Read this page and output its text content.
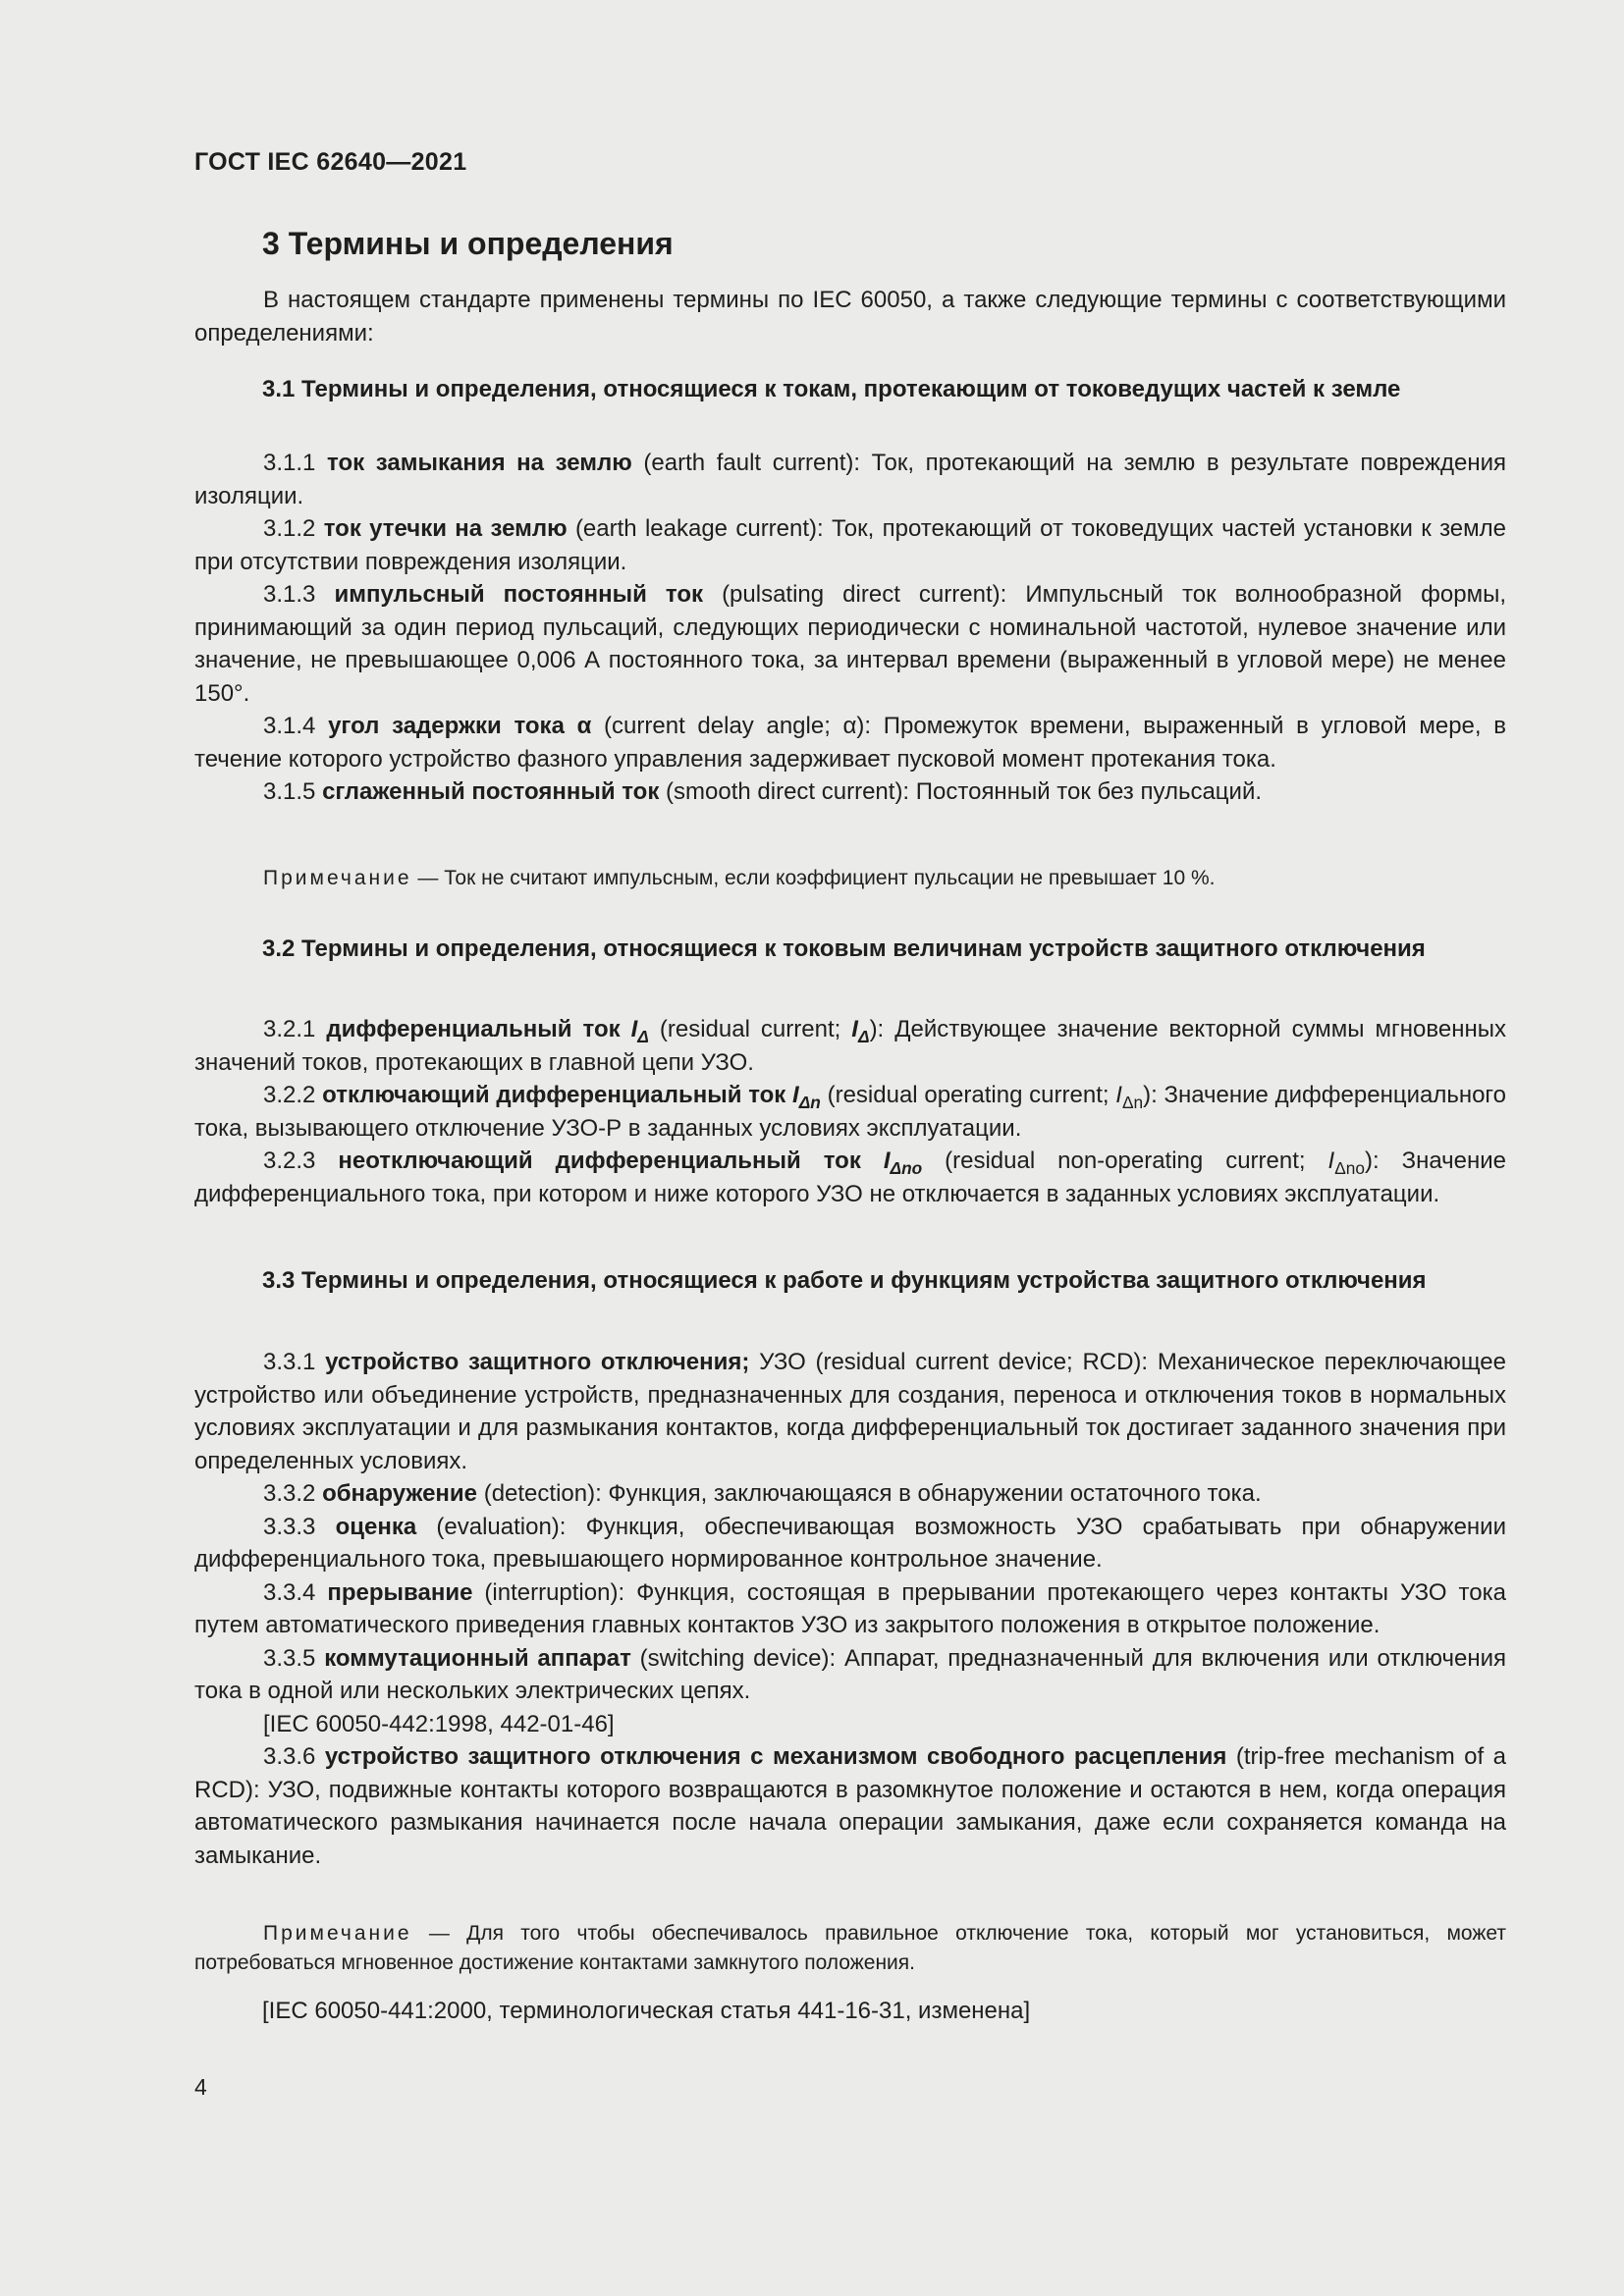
ГОСТ IEC 62640—2021
3 Термины и определения

В настоящем стандарте применены термины по IEC 60050, а также следующие термины с соответствующими определениями:

3.1 Термины и определения, относящиеся к токам, протекающим от токоведущих частей к земле

3.1.1 ток замыкания на землю (earth fault current): Ток, протекающий на землю в результате повреждения изоляции.

3.1.2 ток утечки на землю (earth leakage current): Ток, протекающий от токоведущих частей установки к земле при отсутствии повреждения изоляции.

3.1.3 импульсный постоянный ток (pulsating direct current): Импульсный ток волнообразной формы, принимающий за один период пульсаций, следующих периодически с номинальной частотой, нулевое значение или значение, не превышающее 0,006 А постоянного тока, за интервал времени (выраженный в угловой мере) не менее 150°.

3.1.4 угол задержки тока α (current delay angle; α): Промежуток времени, выраженный в угловой мере, в течение которого устройство фазного управления задерживает пусковой момент протекания тока.

3.1.5 сглаженный постоянный ток (smooth direct current): Постоянный ток без пульсаций.

Примечание — Ток не считают импульсным, если коэффициент пульсации не превышает 10 %.

3.2 Термины и определения, относящиеся к токовым величинам устройств защитного отключения

3.2.1 дифференциальный ток $I_\Delta$ (residual current; $I_\Delta$): Действующее значение векторной суммы мгновенных значений токов, протекающих в главной цепи УЗО.

3.2.2 отключающий дифференциальный ток $I_{\Delta n}$ (residual operating current; $I_{\Delta n}$): Значение дифференциального тока, вызывающего отключение УЗО-Р в заданных условиях эксплуатации.

3.2.3 неотключающий дифференциальный ток $I_{\Delta no}$ (residual non-operating current; $I_{\Delta no}$): Значение дифференциального тока, при котором и ниже которого УЗО не отключается в заданных условиях эксплуатации.

3.3 Термины и определения, относящиеся к работе и функциям устройства защитного отключения

3.3.1 устройство защитного отключения; УЗО (residual current device; RCD): Механическое переключающее устройство или объединение устройств, предназначенных для создания, переноса и отключения токов в нормальных условиях эксплуатации и для размыкания контактов, когда дифференциальный ток достигает заданного значения при определенных условиях.

3.3.2 обнаружение (detection): Функция, заключающаяся в обнаружении остаточного тока.

3.3.3 оценка (evaluation): Функция, обеспечивающая возможность УЗО срабатывать при обнаружении дифференциального тока, превышающего нормированное контрольное значение.

3.3.4 прерывание (interruption): Функция, состоящая в прерывании протекающего через контакты УЗО тока путем автоматического приведения главных контактов УЗО из закрытого положения в открытое положение.

3.3.5 коммутационный аппарат (switching device): Аппарат, предназначенный для включения или отключения тока в одной или нескольких электрических цепях.

[IEC 60050-442:1998, 442-01-46]

3.3.6 устройство защитного отключения с механизмом свободного расцепления (trip-free mechanism of a RCD): УЗО, подвижные контакты которого возвращаются в разомкнутое положение и остаются в нем, когда операция автоматического размыкания начинается после начала операции замыкания, даже если сохраняется команда на замыкание.

Примечание — Для того чтобы обеспечивалось правильное отключение тока, который мог установиться, может потребоваться мгновенное достижение контактами замкнутого положения.

[IEC 60050-441:2000, терминологическая статья 441-16-31, изменена]
4
